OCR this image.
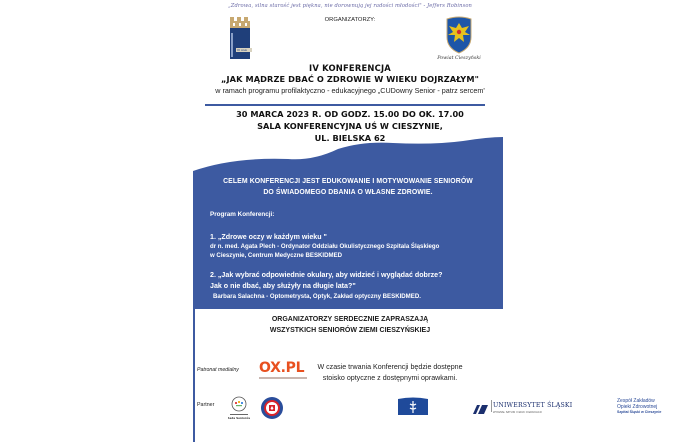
„Zdrowa, silna starość jest piękna, nie dorownują jej radości młodości" - Jeffers Robinson
III wiek
ORGANIZATORZY:
Powiat Cieszyński
IV KONFERENCJA
„JAK MĄDRZE DBAĆ O ZDROWIE W WIEKU DOJRZAŁYM"
w ramach programu profilaktyczno - edukacyjnego „CUDowny Senior - patrz sercem'
30 MARCA 2023 R. OD GODZ. 15.00 DO OK. 17.00
SALA KONFERENCYJNA UŚ W CIESZYNIE,
UL. BIELSKA 62
CELEM KONFERENCJI JEST EDUKOWANIE I MOTYWOWANIE SENIORÓW
DO ŚWIADOMEGO DBANIA O WŁASNE ZDROWIE.
Program Konferencji:
1. „Zdrowe oczy w każdym wieku "
dr n. med. Agata Plech - Ordynator Oddziału Okulistycznego Szpitala Śląskiego
w Cieszynie, Centrum Medyczne BESKIDMED
2. „Jak wybrać odpowiednie okulary, aby widzieć i wyglądać dobrze?
Jak o nie dbać, aby służyły na długie lata?"
Barbara Salachna - Optometrysta, Optyk, Zakład optyczny BESKIDMED.
ORGANIZATORZY SERDECZNIE ZAPRASZAJĄ
WSZYSTKICH SENIORÓW ZIEMI CIESZYŃSKIEJ
Patronat medialny OX.PL	W czasie trwania Konferencji będzie dostępne
stoisko optyczne z dostępnymi oprawkami.
Partner
Rada Seniorów
UNIWERSYTET ŚLĄSKI
WYDZIAŁ SZTUKI I NAUK O EDUKACJI
Zespół Zakładów
Opieki Zdrowotnej
Szpital Śląski w Cieszynie
